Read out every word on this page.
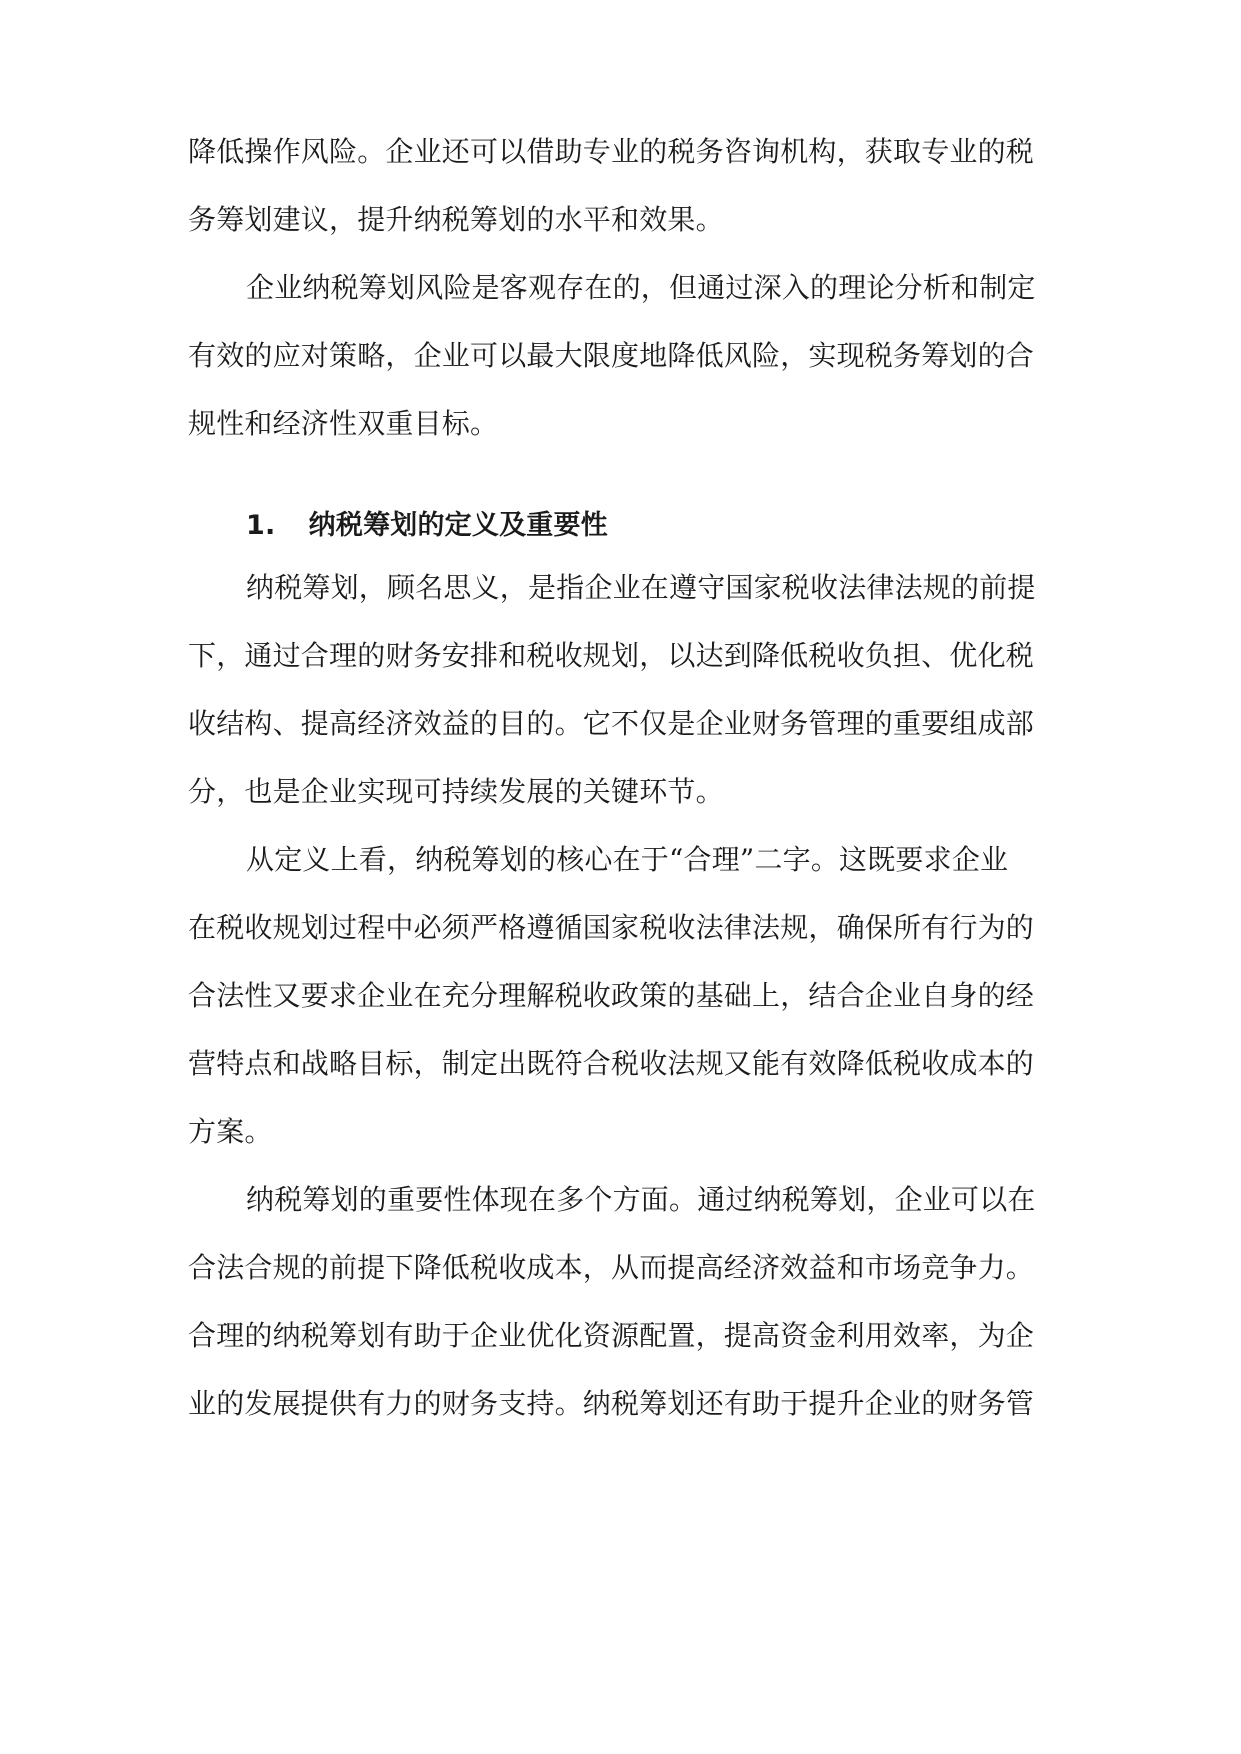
降低操作风险。企业还可以借助专业的税务咨询机构，获取专业的税
务筹划建议，提升纳税筹划的水平和效果。
企业纳税筹划风险是客观存在的，但通过深入的理论分析和制定
有效的应对策略，企业可以最大限度地降低风险，实现税务筹划的合
规性和经济性双重目标。
1. 纳税筹划的定义及重要性
纳税筹划，顾名思义，是指企业在遵守国家税收法律法规的前提
下，通过合理的财务安排和税收规划，以达到降低税收负担、优化税
收结构、提高经济效益的目的。它不仅是企业财务管理的重要组成部
分，也是企业实现可持续发展的关键环节。
从定义上看，纳税筹划的核心在于“合理”二字。这既要求企业
在税收规划过程中必须严格遵循国家税收法律法规，确保所有行为的
合法性又要求企业在充分理解税收政策的基础上，结合企业自身的经
营特点和战略目标，制定出既符合税收法规又能有效降低税收成本的
方案。
纳税筹划的重要性体现在多个方面。通过纳税筹划，企业可以在
合法合规的前提下降低税收成本，从而提高经济效益和市场竞争力。
合理的纳税筹划有助于企业优化资源配置，提高资金利用效率，为企
业的发展提供有力的财务支持。纳税筹划还有助于提升企业的财务管
